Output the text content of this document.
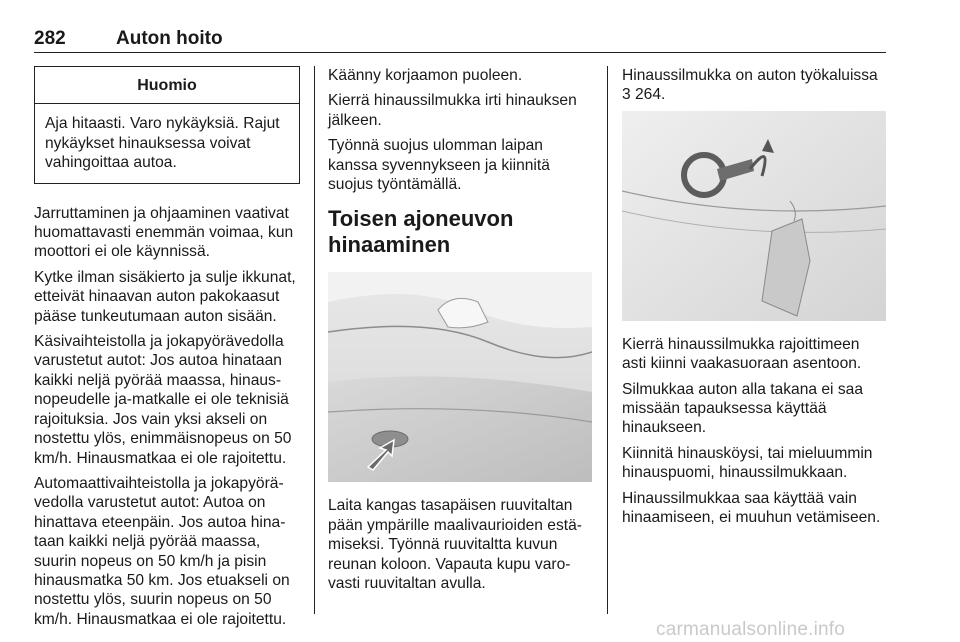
282	Auton hoito
Huomio
Aja hitaasti. Varo nykäyksiä. Rajut nykäykset hinauksessa voivat vahingoittaa autoa.

Jarruttaminen ja ohjaaminen vaativat huomattavasti enemmän voimaa, kun moottori ei ole käynnissä.

Kytke ilman sisäkierto ja sulje ikkunat, etteivät hinaavan auton pakokaasut pääse tunkeutumaan auton sisään.

Käsivaihteistolla ja jokapyörävedolla varustetut autot: Jos autoa hinataan kaikki neljä pyörää maassa, hinausnopeudelle ja-matkalle ei ole teknisiä rajoituksia. Jos vain yksi akseli on nostettu ylös, enimmäisnopeus on 50 km/h. Hinausmatkaa ei ole rajoitettu.

Automaattivaihteistolla ja jokapyörävedolla varustetut autot: Autoa on hinattava eteenpäin. Jos autoa hinataan kaikki neljä pyörää maassa, suurin nopeus on 50 km/h ja pisin hinausmatka 50 km. Jos etuakseli on nostettu ylös, suurin nopeus on 50 km/h. Hinausmatkaa ei ole rajoitettu.

Käänny korjaamon puoleen.

Kierrä hinaussilmukka irti hinauksen jälkeen.

Työnnä suojus ulomman laipan kanssa syvennykseen ja kiinnitä suojus työntämällä.

Toisen ajoneuvon hinaaminen

Laita kangas tasapäisen ruuvitaltan pään ympärille maalivaurioiden estämiseksi. Työnnä ruuvitaltta kuvun reunan koloon. Vapauta kupu varovasti ruuvitaltan avulla.

Hinaussilmukka on auton työkaluissa 3 264.

Kierrä hinaussilmukka rajoittimeen asti kiinni vaakasuoraan asentoon.

Silmukkaa auton alla takana ei saa missään tapauksessa käyttää hinaukseen.

Kiinnitä hinausköysi, tai mieluummin hinauspuomi, hinaussilmukkaan.

Hinaussilmukkaa saa käyttää vain hinaamiseen, ei muuhun vetämiseen.

carmanualsonline.info
